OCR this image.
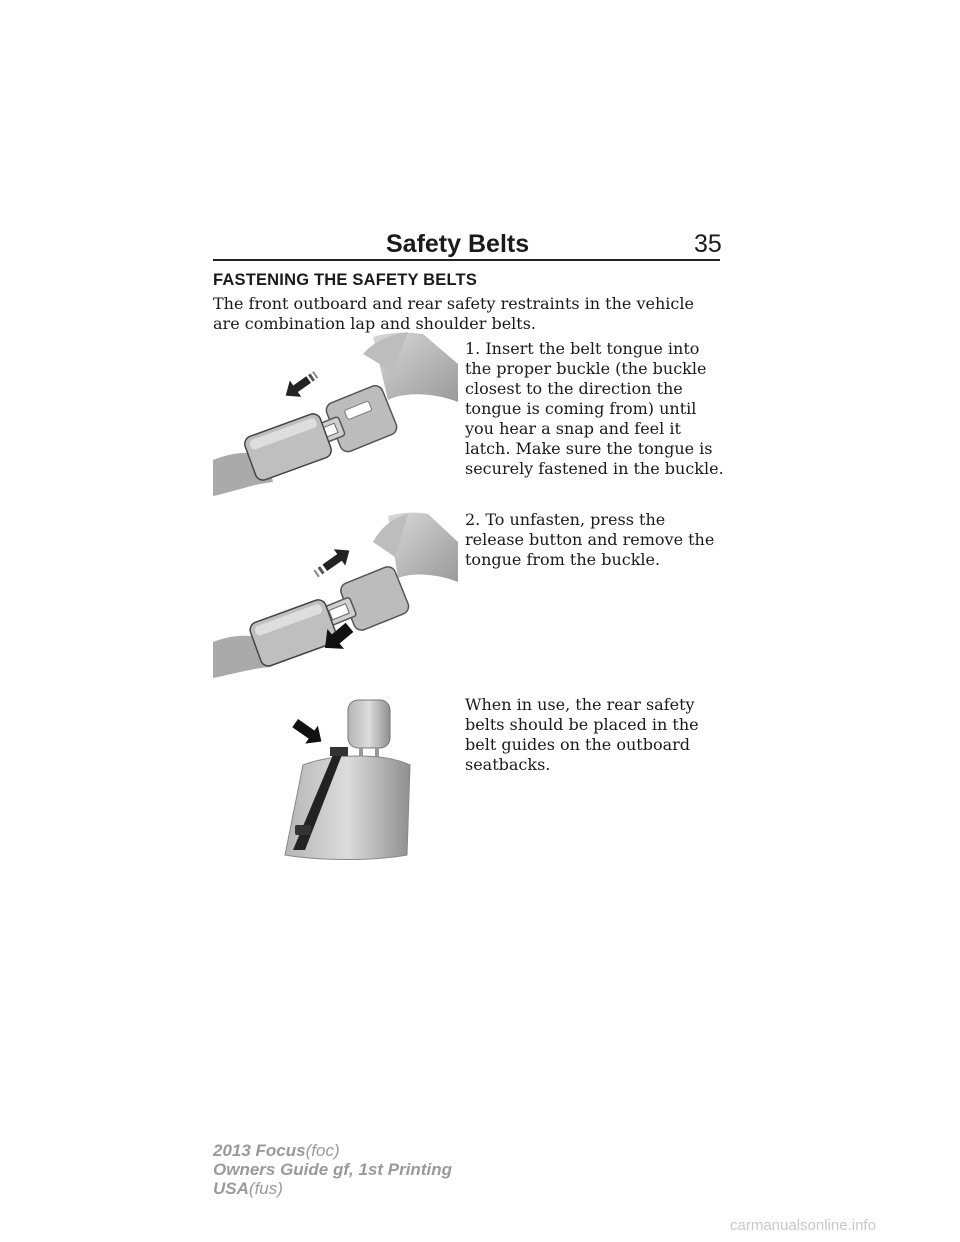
Safety Belts	35
FASTENING THE SAFETY BELTS
The front outboard and rear safety restraints in the vehicle are combination lap and shoulder belts.
1. Insert the belt tongue into the proper buckle (the buckle closest to the direction the tongue is coming from) until you hear a snap and feel it latch. Make sure the tongue is securely fastened in the buckle.
2. To unfasten, press the release button and remove the tongue from the buckle.
When in use, the rear safety belts should be placed in the belt guides on the outboard seatbacks.
2013 Focus(foc)
Owners Guide gf, 1st Printing
USA(fus)
carmanualsonline.info
